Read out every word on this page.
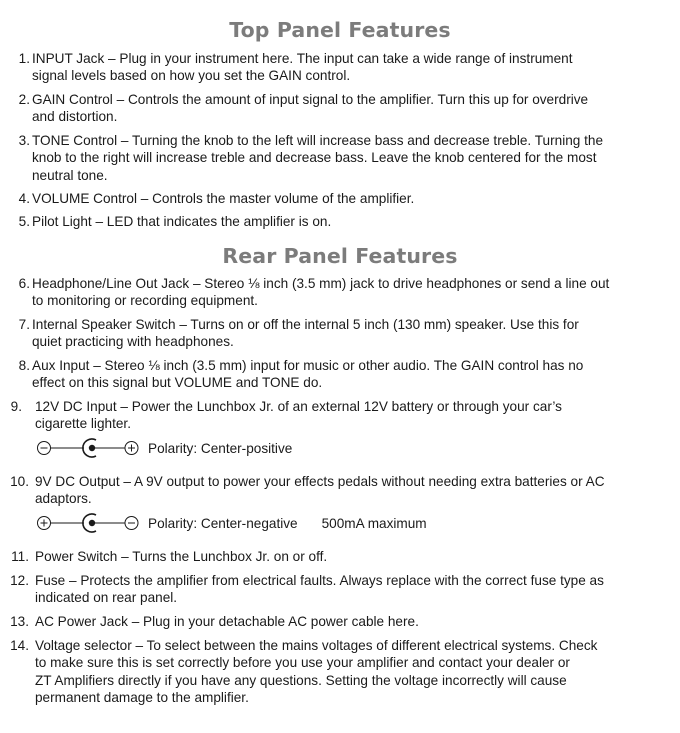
Top Panel Features
1. INPUT Jack – Plug in your instrument here. The input can take a wide range of instrument
signal levels based on how you set the GAIN control.
2. GAIN Control – Controls the amount of input signal to the amplifier. Turn this up for overdrive
and distortion.
3. TONE Control – Turning the knob to the left will increase bass and decrease treble. Turning the
knob to the right will increase treble and decrease bass. Leave the knob centered for the most
neutral tone.
4. VOLUME Control – Controls the master volume of the amplifier.
5. Pilot Light – LED that indicates the amplifier is on.
Rear Panel Features
6. Headphone/Line Out Jack – Stereo ⅛ inch (3.5 mm) jack to drive headphones or send a line out
to monitoring or recording equipment.
7. Internal Speaker Switch – Turns on or off the internal 5 inch (130 mm) speaker. Use this for
quiet practicing with headphones.
8. Aux Input – Stereo ⅛ inch (3.5 mm) input for music or other audio. The GAIN control has no
effect on this signal but VOLUME and TONE do.
9. 12V DC Input – Power the Lunchbox Jr. of an external 12V battery or through your car’s
cigarette lighter.
10. 9V DC Output – A 9V output to power your effects pedals without needing extra batteries or AC
adaptors.
11. Power Switch – Turns the Lunchbox Jr. on or off.
12. Fuse – Protects the amplifier from electrical faults. Always replace with the correct fuse type as
indicated on rear panel.
13. AC Power Jack – Plug in your detachable AC power cable here.
14. Voltage selector – To select between the mains voltages of different electrical systems. Check
to make sure this is set correctly before you use your amplifier and contact your dealer or
ZT Amplifiers directly if you have any questions. Setting the voltage incorrectly will cause
permanent damage to the amplifier.
Polarity: Center-positive
Polarity: Center-negative 500mA maximum
